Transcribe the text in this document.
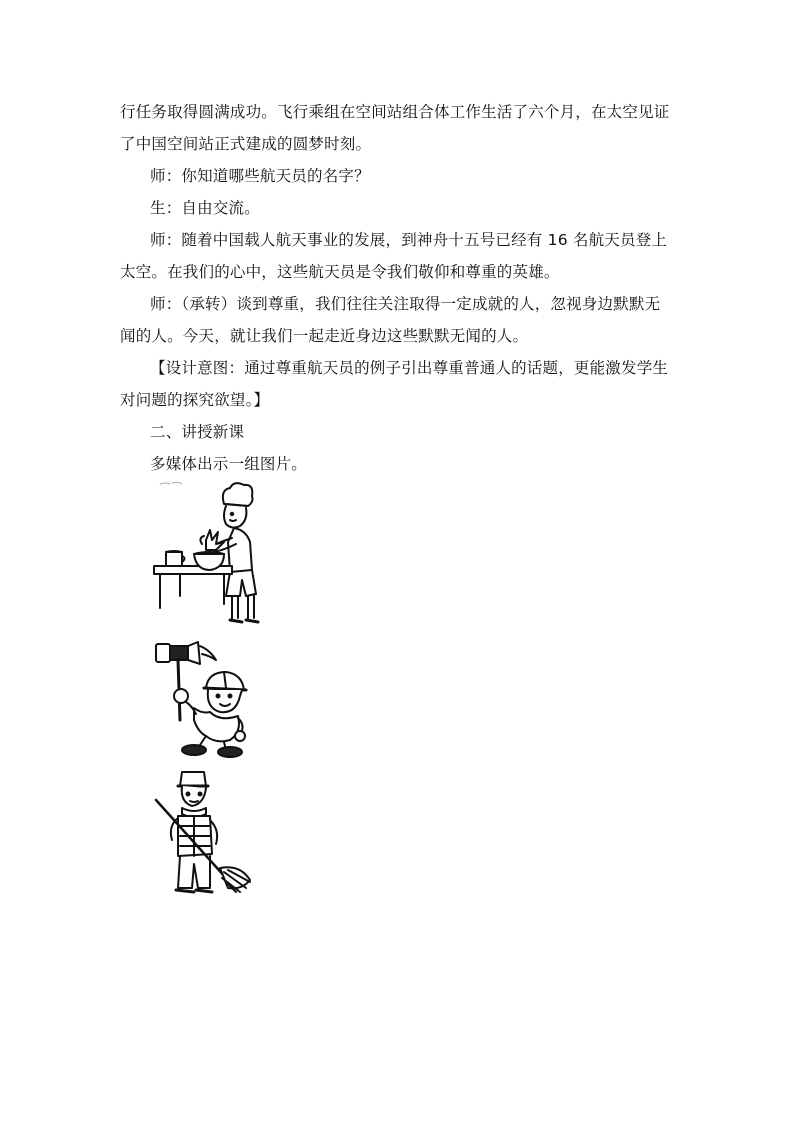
行任务取得圆满成功。飞行乘组在空间站组合体工作生活了六个月，在太空见证
了中国空间站正式建成的圆梦时刻。
师：你知道哪些航天员的名字？
生：自由交流。
师：随着中国载人航天事业的发展，到神舟十五号已经有 16 名航天员登上
太空。在我们的心中，这些航天员是令我们敬仰和尊重的英雄。
师：（承转）谈到尊重，我们往往关注取得一定成就的人，忽视身边默默无
闻的人。今天，就让我们一起走近身边这些默默无闻的人。
【设计意图：通过尊重航天员的例子引出尊重普通人的话题，更能激发学生
对问题的探究欲望。】
二、讲授新课
多媒体出示一组图片。
